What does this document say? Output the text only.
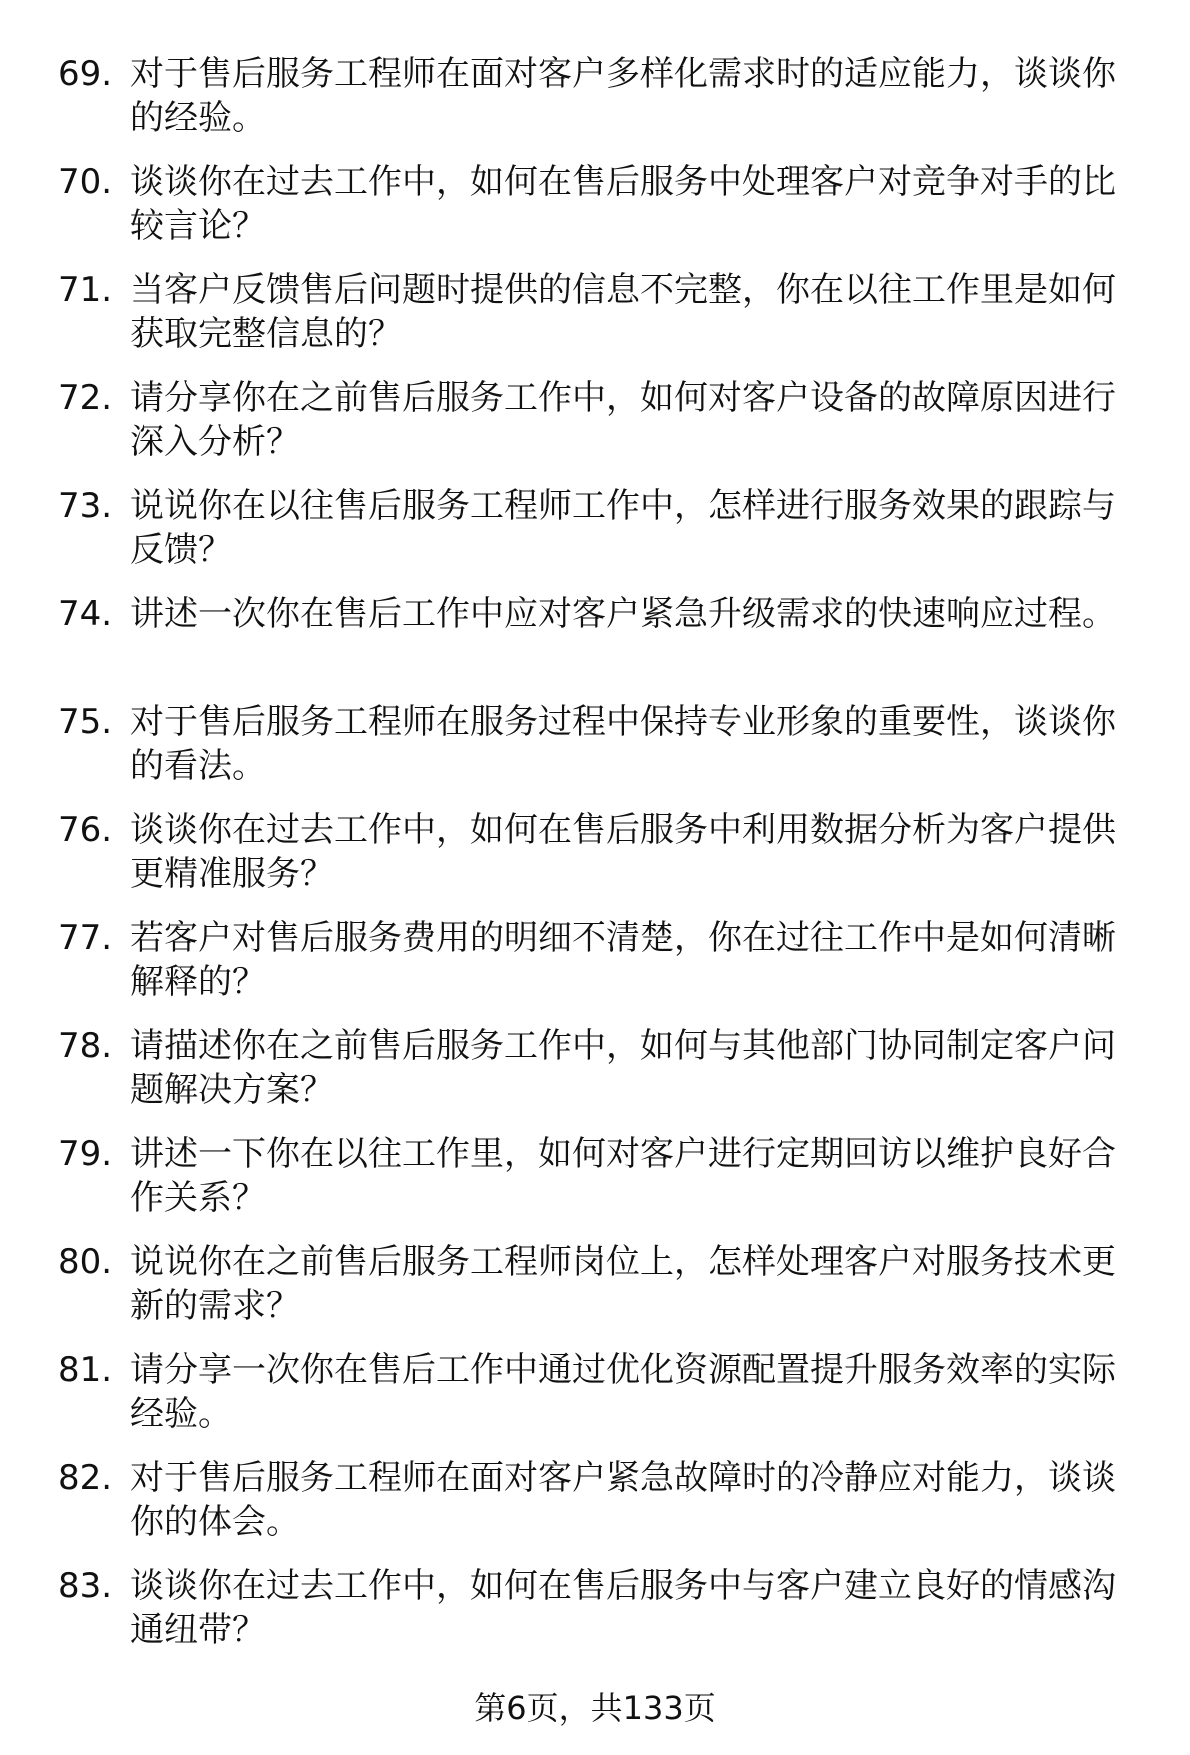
69. 对于售后服务工程师在面对客户多样化需求时的适应能力，谈谈你的经验。
70. 谈谈你在过去工作中，如何在售后服务中处理客户对竞争对手的比较言论？
71. 当客户反馈售后问题时提供的信息不完整，你在以往工作里是如何获取完整信息的？
72. 请分享你在之前售后服务工作中，如何对客户设备的故障原因进行深入分析？
73. 说说你在以往售后服务工程师工作中，怎样进行服务效果的跟踪与反馈？
74. 讲述一次你在售后工作中应对客户紧急升级需求的快速响应过程。
75. 对于售后服务工程师在服务过程中保持专业形象的重要性，谈谈你的看法。
76. 谈谈你在过去工作中，如何在售后服务中利用数据分析为客户提供更精准服务？
77. 若客户对售后服务费用的明细不清楚，你在过往工作中是如何清晰解释的？
78. 请描述你在之前售后服务工作中，如何与其他部门协同制定客户问题解决方案？
79. 讲述一下你在以往工作里，如何对客户进行定期回访以维护良好合作关系？
80. 说说你在之前售后服务工程师岗位上，怎样处理客户对服务技术更新的需求？
81. 请分享一次你在售后工作中通过优化资源配置提升服务效率的实际经验。
82. 对于售后服务工程师在面对客户紧急故障时的冷静应对能力，谈谈你的体会。
83. 谈谈你在过去工作中，如何在售后服务中与客户建立良好的情感沟通纽带？
第6页，共133页
